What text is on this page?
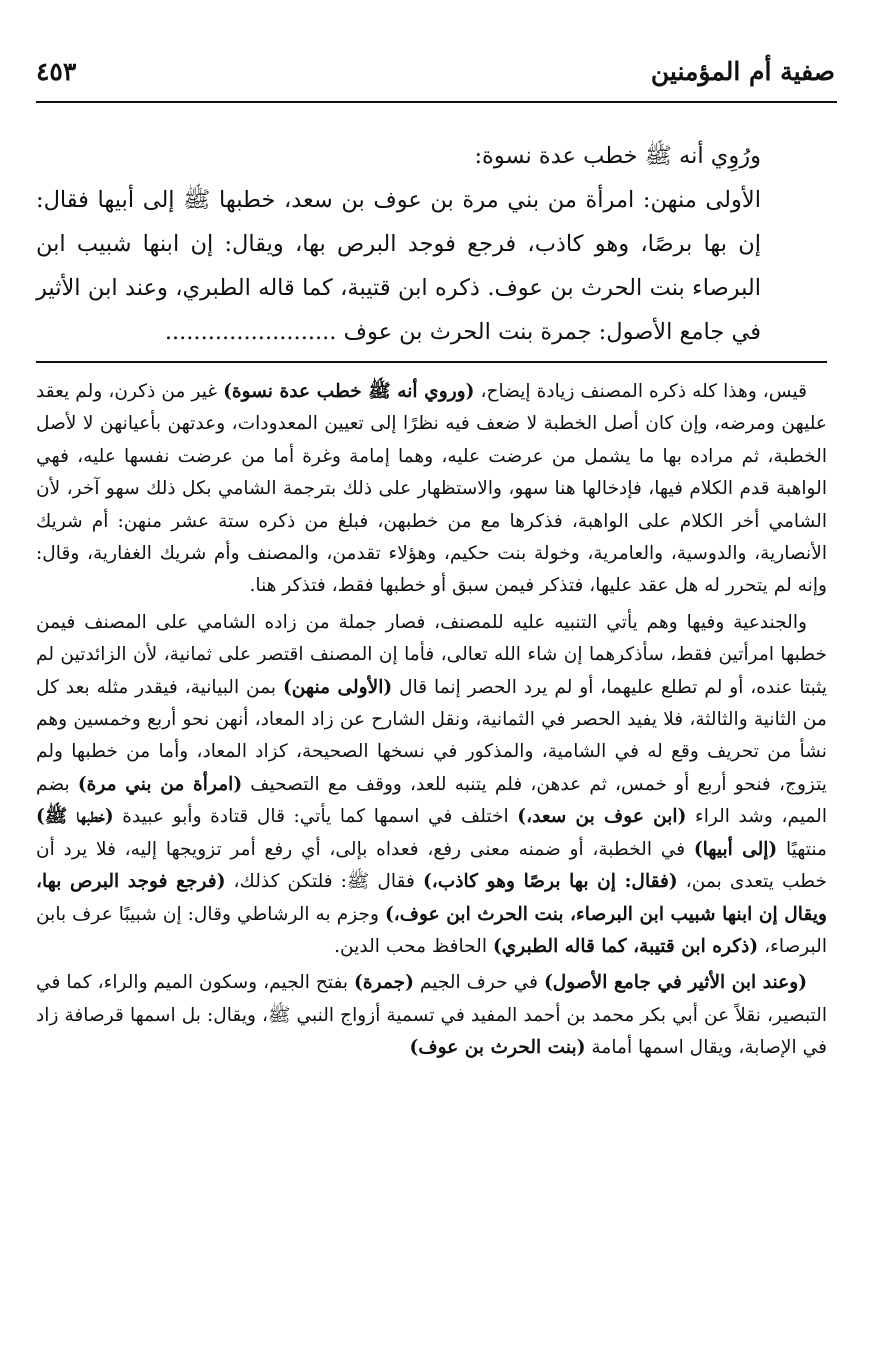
صفية أم المؤمنين
٤٥٣

ورُوِي أنه ﷺ خطب عدة نسوة:

الأولى منهن: امرأة من بني مرة بن عوف بن سعد، خطبها ﷺ إلى أبيها فقال: إن بها برصًا، وهو كاذب، فرجع فوجد البرص بها، ويقال: إن ابنها شبيب ابن البرصاء بنت الحرث بن عوف. ذكره ابن قتيبة، كما قاله الطبري، وعند ابن الأثير في جامع الأصول: جمرة بنت الحرث بن عوف ........................

قيس، وهذا كله ذكره المصنف زيادة إيضاح، (وروي أنه ﷺ خطب عدة نسوة) غير من ذكرن، ولم يعقد عليهن ومرضه، وإن كان أصل الخطبة لا ضعف فيه نظرًا إلى تعيين المعدودات، وعدتهن بأعيانهن لا لأصل الخطبة، ثم مراده بها ما يشمل من عرضت عليه، وهما إمامة وغرة أما من عرضت نفسها عليه، فهي الواهبة قدم الكلام فيها، فإدخالها هنا سهو، والاستظهار على ذلك بترجمة الشامي بكل ذلك سهو آخر، لأن الشامي أخر الكلام على الواهبة، فذكرها مع من خطبهن، فبلغ من ذكره ستة عشر منهن: أم شريك الأنصارية، والدوسية، والعامرية، وخولة بنت حكيم، وهؤلاء تقدمن، والمصنف وأم شريك الغفارية، وقال: وإنه لم يتحرر له هل عقد عليها، فتذكر فيمن سبق أو خطبها فقط، فتذكر هنا.

والجندعية وفيها وهم يأتي التنبيه عليه للمصنف، فصار جملة من زاده الشامي على المصنف فيمن خطبها امرأتين فقط، سأذكرهما إن شاء الله تعالى، فأما إن المصنف اقتصر على ثمانية، لأن الزائدتين لم يثبتا عنده، أو لم تطلع عليهما، أو لم يرد الحصر إنما قال (الأولى منهن) بمن البيانية، فيقدر مثله بعد كل من الثانية والثالثة، فلا يفيد الحصر في الثمانية، ونقل الشارح عن زاد المعاد، أنهن نحو أربع وخمسين وهم نشأ من تحريف وقع له في الشامية، والمذكور في نسخها الصحيحة، كزاد المعاد، وأما من خطبها ولم يتزوج، فنحو أربع أو خمس، ثم عدهن، فلم يتنبه للعد، ووقف مع التصحيف (امرأة من بني مرة) بضم الميم، وشد الراء (ابن عوف بن سعد،) اختلف في اسمها كما يأتي: قال قتادة وأبو عبيدة (خطبها ﷺ) منتهيًا (إلى أبيها) في الخطبة، أو ضمنه معنى رفع، فعداه بإلى، أي رفع أمر تزويجها إليه، فلا يرد أن خطب يتعدى بمن، (فقال: إن بها برصًا وهو كاذب،) فقال ﷺ: فلتكن كذلك، (فرجع فوجد البرص بها، ويقال إن ابنها شبيب ابن البرصاء، بنت الحرث ابن عوف،) وجزم به الرشاطي وقال: إن شبيبًا عرف بابن البرصاء، (ذكره ابن قتيبة، كما قاله الطبري) الحافظ محب الدين.

(وعند ابن الأثير في جامع الأصول) في حرف الجيم (جمرة) بفتح الجيم، وسكون الميم والراء، كما في التبصير، نقلاً عن أبي بكر محمد بن أحمد المفيد في تسمية أزواج النبي ﷺ، ويقال: بل اسمها قرصافة زاد في الإصابة، ويقال اسمها أمامة (بنت الحرث بن عوف)
